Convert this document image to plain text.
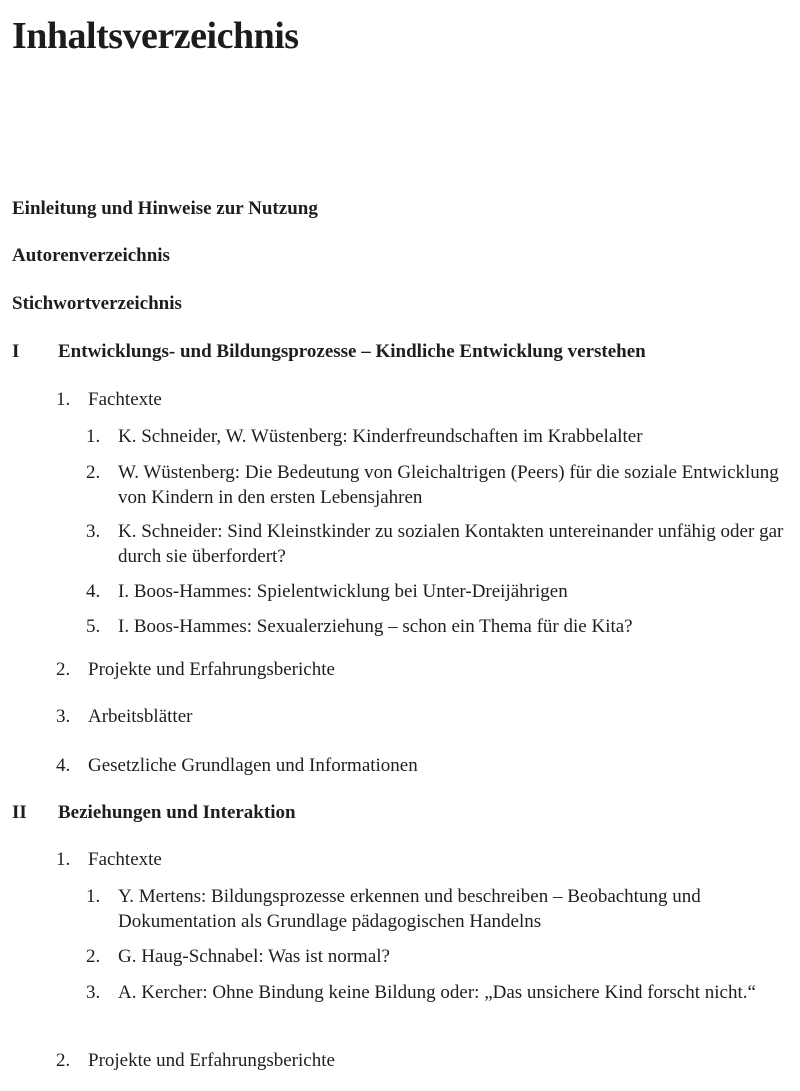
Inhaltsverzeichnis
Einleitung und Hinweise zur Nutzung
Autorenverzeichnis
Stichwortverzeichnis
I Entwicklungs- und Bildungsprozesse – Kindliche Entwicklung verstehen
1. Fachtexte
1. K. Schneider, W. Wüstenberg: Kinderfreundschaften im Krabbelalter
2. W. Wüstenberg: Die Bedeutung von Gleichaltrigen (Peers) für die soziale Entwicklung von Kindern in den ersten Lebensjahren
3. K. Schneider: Sind Kleinstkinder zu sozialen Kontakten untereinander unfähig oder gar durch sie überfordert?
4. I. Boos-Hammes: Spielentwicklung bei Unter-Dreijährigen
5. I. Boos-Hammes: Sexualerziehung – schon ein Thema für die Kita?
2. Projekte und Erfahrungsberichte
3. Arbeitsblätter
4. Gesetzliche Grundlagen und Informationen
II Beziehungen und Interaktion
1. Fachtexte
1. Y. Mertens: Bildungsprozesse erkennen und beschreiben – Beobachtung und Dokumentation als Grundlage pädagogischen Handelns
2. G. Haug-Schnabel: Was ist normal?
3. A. Kercher: Ohne Bindung keine Bildung oder: „Das unsichere Kind forscht nicht.“
2. Projekte und Erfahrungsberichte
